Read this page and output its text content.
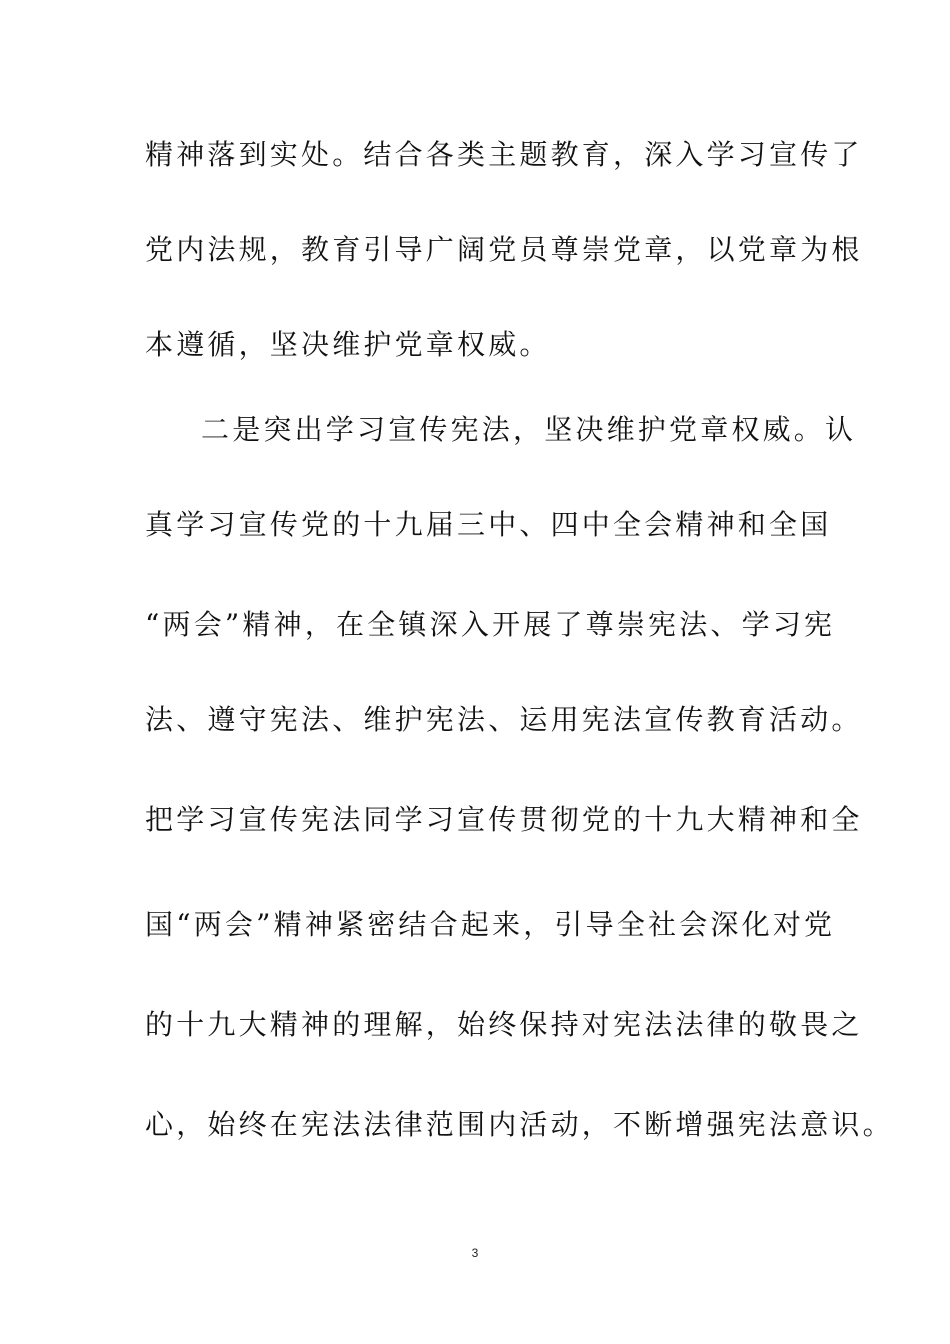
精神落到实处。结合各类主题教育，深入学习宣传了
党内法规，教育引导广阔党员尊崇党章，以党章为根
本遵循，坚决维护党章权威。
二是突出学习宣传宪法，坚决维护党章权威。认
真学习宣传党的十九届三中、四中全会精神和全国
“两会”精神，在全镇深入开展了尊崇宪法、学习宪
法、遵守宪法、维护宪法、运用宪法宣传教育活动。
把学习宣传宪法同学习宣传贯彻党的十九大精神和全
国“两会”精神紧密结合起来，引导全社会深化对党
的十九大精神的理解，始终保持对宪法法律的敬畏之
心，始终在宪法法律范围内活动，不断增强宪法意识。
3
